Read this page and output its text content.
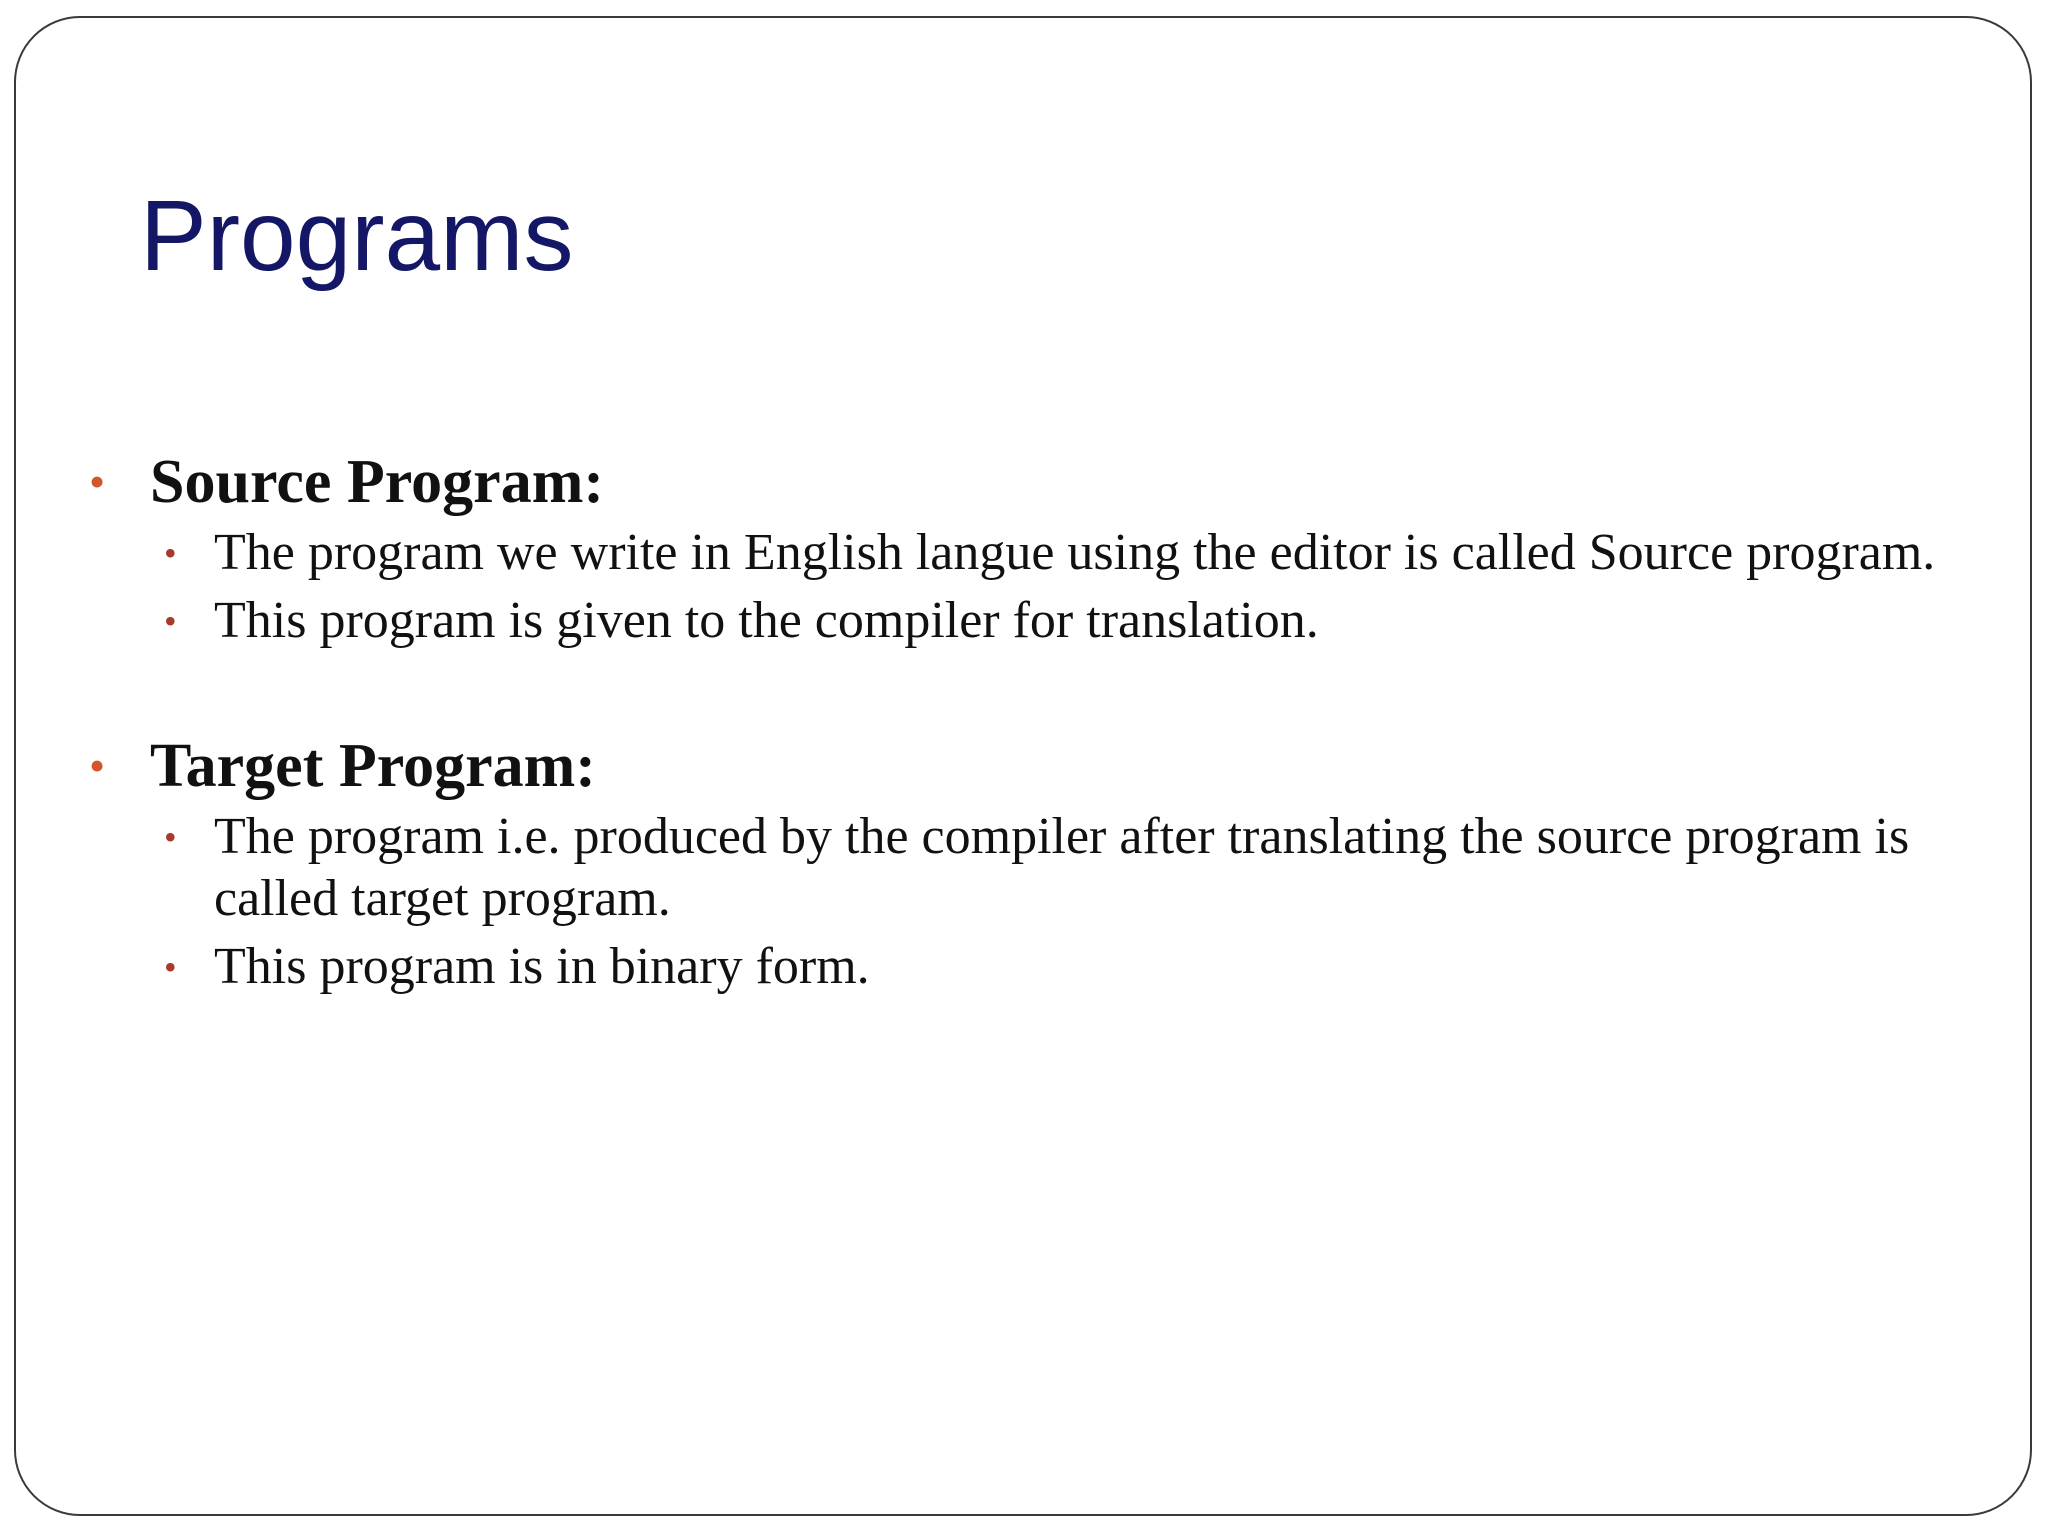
Programs
• Source Program:
• The program we write in English langue using the editor is called Source program.
• This program is given to the compiler for translation.
• Target Program:
• The program i.e. produced by the compiler after translating the source program is called target program.
• This program is in binary form.
